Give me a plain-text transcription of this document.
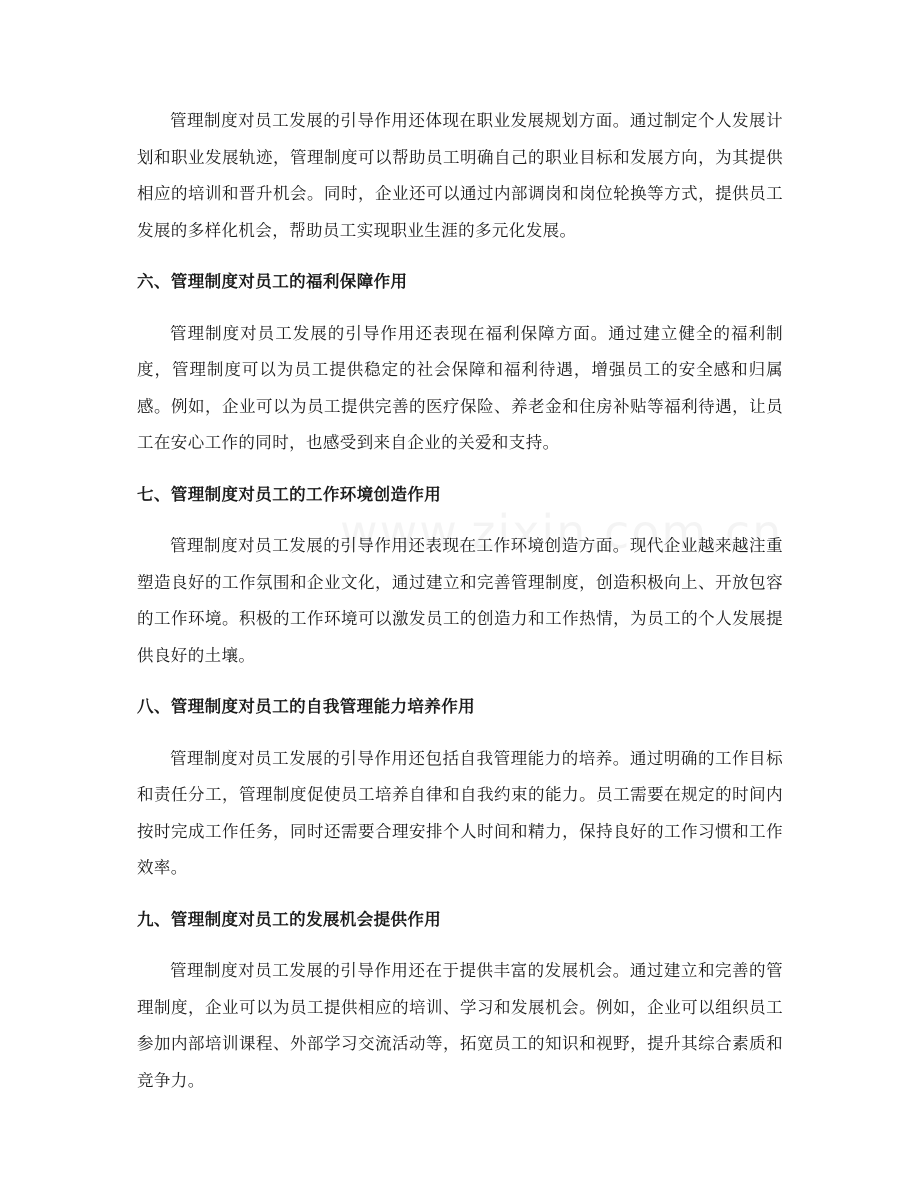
管理制度对员工发展的引导作用还体现在职业发展规划方面。通过制定个人发展计划和职业发展轨迹，管理制度可以帮助员工明确自己的职业目标和发展方向，为其提供相应的培训和晋升机会。同时，企业还可以通过内部调岗和岗位轮换等方式，提供员工发展的多样化机会，帮助员工实现职业生涯的多元化发展。

六、管理制度对员工的福利保障作用

管理制度对员工发展的引导作用还表现在福利保障方面。通过建立健全的福利制度，管理制度可以为员工提供稳定的社会保障和福利待遇，增强员工的安全感和归属感。例如，企业可以为员工提供完善的医疗保险、养老金和住房补贴等福利待遇，让员工在安心工作的同时，也感受到来自企业的关爱和支持。

七、管理制度对员工的工作环境创造作用

管理制度对员工发展的引导作用还表现在工作环境创造方面。现代企业越来越注重塑造良好的工作氛围和企业文化，通过建立和完善管理制度，创造积极向上、开放包容的工作环境。积极的工作环境可以激发员工的创造力和工作热情，为员工的个人发展提供良好的土壤。

八、管理制度对员工的自我管理能力培养作用

管理制度对员工发展的引导作用还包括自我管理能力的培养。通过明确的工作目标和责任分工，管理制度促使员工培养自律和自我约束的能力。员工需要在规定的时间内按时完成工作任务，同时还需要合理安排个人时间和精力，保持良好的工作习惯和工作效率。

九、管理制度对员工的发展机会提供作用

管理制度对员工发展的引导作用还在于提供丰富的发展机会。通过建立和完善的管理制度，企业可以为员工提供相应的培训、学习和发展机会。例如，企业可以组织员工参加内部培训课程、外部学习交流活动等，拓宽员工的知识和视野，提升其综合素质和竞争力。
